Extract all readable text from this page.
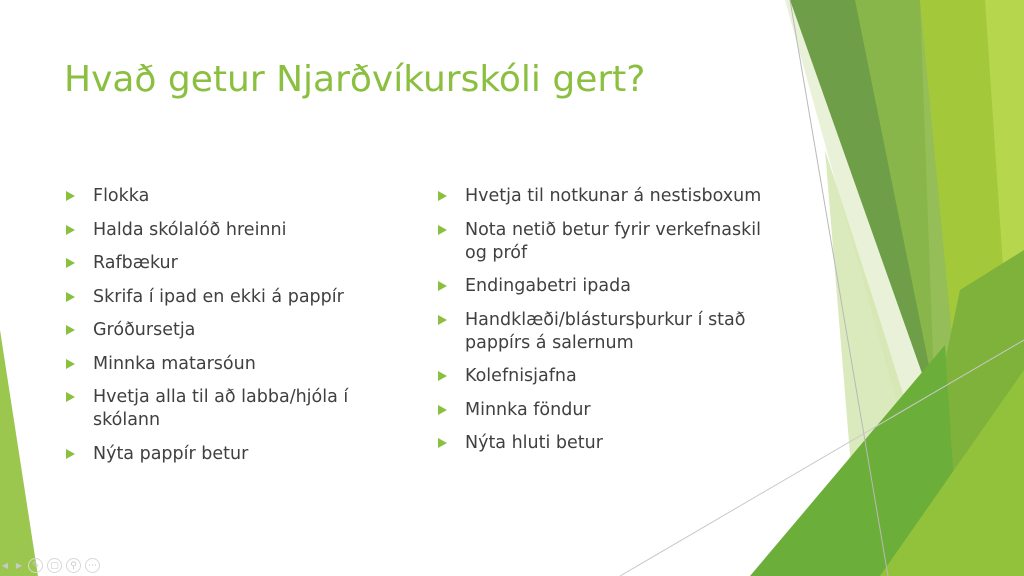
Hvað getur Njarðvíkurskóli gert?
Flokka
Halda skólalóð hreinni
Rafbækur
Skrifa í ipad en ekki á pappír
Gróðursetja
Minnka matarsóun
Hvetja alla til að labba/hjóla í skólann
Nýta pappír betur
Hvetja til notkunar á nestisboxum
Nota netið betur fyrir verkefnaskil og próf
Endingabetri ipada
Handklæði/blástursþurkur í stað pappírs á salernum
Kolefnisjafna
Minnka föndur
Nýta hluti betur
◀ ▶	✎	▢	⚲	⋯
